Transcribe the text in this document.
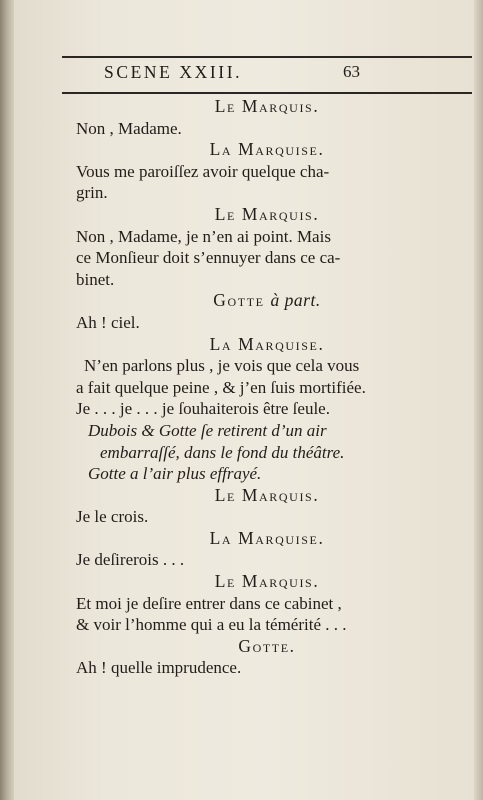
SCENE XXIII.	63
Le Marquis.
Non , Madame.
La Marquise.
Vous me paroiſſez avoir quelque cha-
grin.
Le Marquis.
Non , Madame, je n’en ai point. Mais
ce Monſieur doit s’ennuyer dans ce ca-
binet.
Gotte à part.
Ah ! ciel.
La Marquise.
N’en parlons plus , je vois que cela vous
a fait quelque peine , & j’en ſuis mortifiée.
Je . . . je . . . je ſouhaiterois être ſeule.
Dubois & Gotte ſe retirent d’un air
embarraſſé, dans le fond du théâtre.
Gotte a l’air plus effrayé.
Le Marquis.
Je le crois.
La Marquise.
Je deſirerois . . .
Le Marquis.
Et moi je deſire entrer dans ce cabinet ,
& voir l’homme qui a eu la témérité . . .
Gotte.
Ah ! quelle imprudence.
